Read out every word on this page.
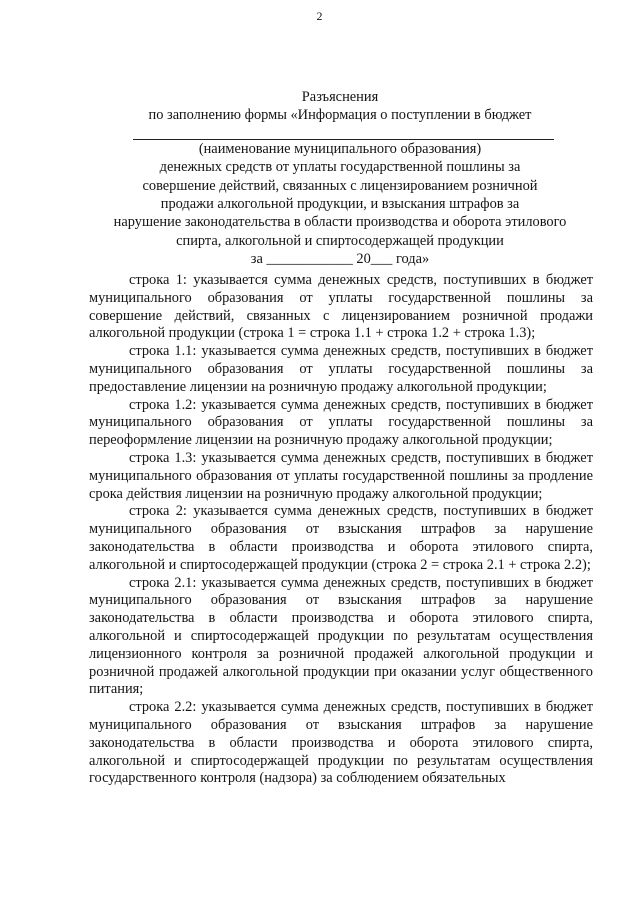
2
Разъяснения
по заполнению формы «Информация о поступлении в бюджет
(наименование муниципального образования)
денежных средств от уплаты государственной пошлины за
совершение действий, связанных с лицензированием розничной
продажи алкогольной продукции, и взыскания штрафов за
нарушение законодательства в области производства и оборота этилового
спирта, алкогольной и спиртосодержащей продукции
за ____________ 20___ года»

строка 1: указывается сумма денежных средств, поступивших в бюджет муниципального образования от уплаты государственной пошлины за совершение действий, связанных с лицензированием розничной продажи алкогольной продукции (строка 1 = строка 1.1 + строка 1.2 + строка 1.3);

строка 1.1: указывается сумма денежных средств, поступивших в бюджет муниципального образования от уплаты государственной пошлины за предоставление лицензии на розничную продажу алкогольной продукции;

строка 1.2: указывается сумма денежных средств, поступивших в бюджет муниципального образования от уплаты государственной пошлины за переоформление лицензии на розничную продажу алкогольной продукции;

строка 1.3: указывается сумма денежных средств, поступивших в бюджет муниципального образования от уплаты государственной пошлины за продление срока действия лицензии на розничную продажу алкогольной продукции;

строка 2: указывается сумма денежных средств, поступивших в бюджет муниципального образования от взыскания штрафов за нарушение законодательства в области производства и оборота этилового спирта, алкогольной и спиртосодержащей продукции (строка 2 = строка 2.1 + строка 2.2);

строка 2.1: указывается сумма денежных средств, поступивших в бюджет муниципального образования от взыскания штрафов за нарушение законодательства в области производства и оборота этилового спирта, алкогольной и спиртосодержащей продукции по результатам осуществления лицензионного контроля за розничной продажей алкогольной продукции и розничной продажей алкогольной продукции при оказании услуг общественного питания;

строка 2.2: указывается сумма денежных средств, поступивших в бюджет муниципального образования от взыскания штрафов за нарушение законодательства в области производства и оборота этилового спирта, алкогольной и спиртосодержащей продукции по результатам осуществления государственного контроля (надзора) за соблюдением обязательных
